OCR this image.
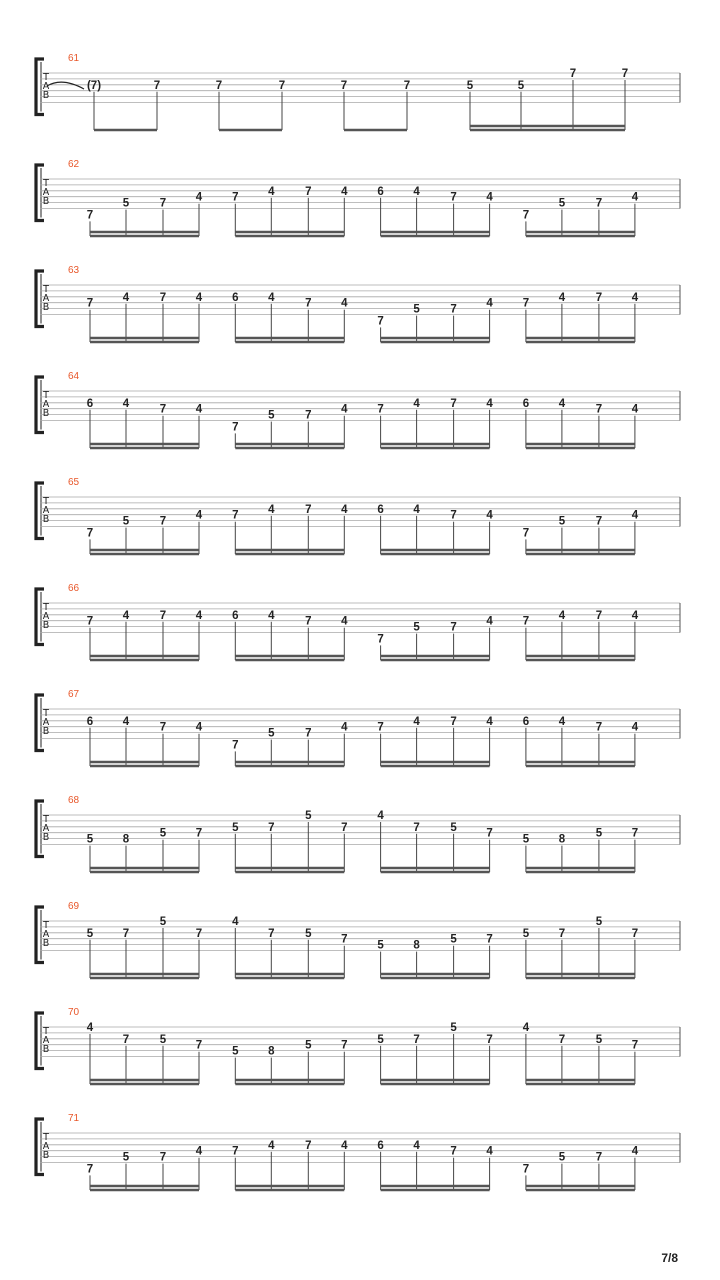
61
T
A
B
(7)	7	7	7	7	7	5	5
7	7
62
T
A
B
7
5	7	4	7	4	7	4	6	4	7	4
7
5	7	4
63
T
A
B	7	4	7	4	6	4	7	4
7
5	7	4	7	4	7	4
64
T
A
B
6	4	7	4
7
5	7	4	7	4	7	4	6	4	7	4
65
T
A
B
7
5	7	4	7	4	7	4	6	4	7	4
7
5	7	4
66
T
A
B	7	4	7	4	6	4	7	4
7
5	7	4	7	4	7	4
67
T
A
B
6	4	7	4
7
5	7	4	7	4	7	4	6	4	7	4
68
T
A
B	5	8	5	7	5	7
5
7
4
7	5	7	5	8	5	7
69
T
A
B
5	7
5
7
4
7	5	7	5	8	5	7	5	7
5
7
70
T
A
B
4
7	5	7	5	8	5	7	5	7
5
7
4
7	5	7
71
T
A
B
7
5	7	4	7	4	7	4	6	4	7	4
7
5	7	4
7/8
